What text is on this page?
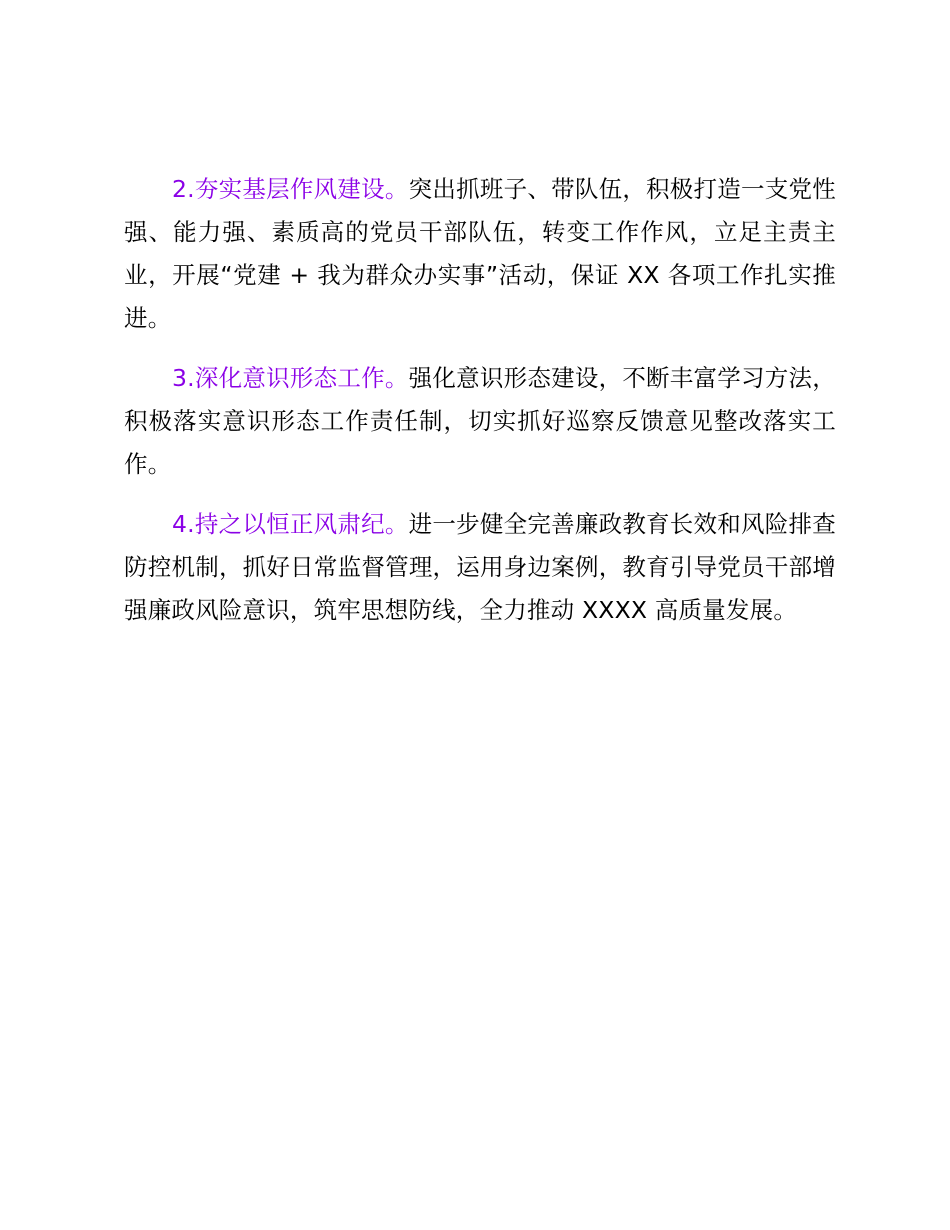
2.夯实基层作风建设。突出抓班子、带队伍，积极打造一支党性强、能力强、素质高的党员干部队伍，转变工作作风，立足主责主业，开展“党建 + 我为群众办实事”活动，保证 XX 各项工作扎实推进。

3.深化意识形态工作。强化意识形态建设，不断丰富学习方法，积极落实意识形态工作责任制，切实抓好巡察反馈意见整改落实工作。

4.持之以恒正风肃纪。进一步健全完善廉政教育长效和风险排查防控机制，抓好日常监督管理，运用身边案例，教育引导党员干部增强廉政风险意识，筑牢思想防线，全力推动 XXXX 高质量发展。
